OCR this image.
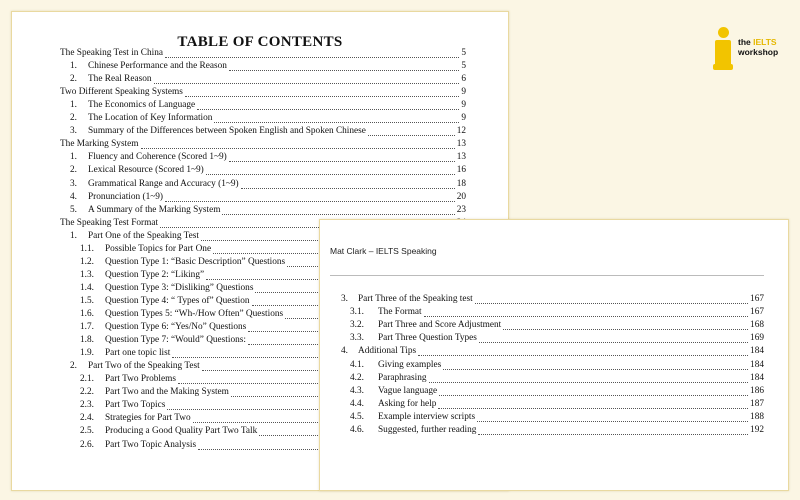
TABLE OF CONTENTS
The Speaking Test in China	5
1.	Chinese Performance and the Reason	5
2.	The Real Reason	6
Two Different Speaking Systems	9
1.	The Economics of Language	9
2.	The Location of Key Information	9
3.	Summary of the Differences between Spoken English and Spoken Chinese	12
The Marking System	13
1.	Fluency and Coherence (Scored 1~9)	13
2.	Lexical Resource (Scored 1~9)	16
3.	Grammatical Range and Accuracy (1~9)	18
4.	Pronunciation (1~9)	20
5.	A Summary of the Marking System	23
The Speaking Test Format
1.	Part One of the Speaking Test
1.1.	Possible Topics for Part One
1.2.	Question Type 1: “Basic Description” Questions
1.3.	Question Type 2: “Liking”
1.4.	Question Type 3: “Disliking” Questions
1.5.	Question Type 4: “ Types of” Question
1.6.	Question Types 5: “Wh-/How Often” Questions
1.7.	Question Type 6: “Yes/No” Questions
1.8.	Question Type 7: “Would” Questions:
1.9.	Part one topic list
2.	Part Two of the Speaking Test
2.1.	Part Two Problems
2.2.	Part Two and the Making System
2.3.	Part Two Topics
2.4.	Strategies for Part Two
2.5.	Producing a Good Quality Part Two Talk
2.6.	Part Two Topic Analysis
Mat Clark – IELTS Speaking
3.	Part Three of the Speaking test	167
3.1.	The Format	167
3.2.	Part Three and Score Adjustment	168
3.3.	Part Three Question Types	169
4.	Additional Tips	184
4.1.	Giving examples	184
4.2.	Paraphrasing	184
4.3.	Vague language	186
4.4.	Asking for help	187
4.5.	Example interview scripts	188
4.6.	Suggested, further reading	192
the IELTS
workshop
